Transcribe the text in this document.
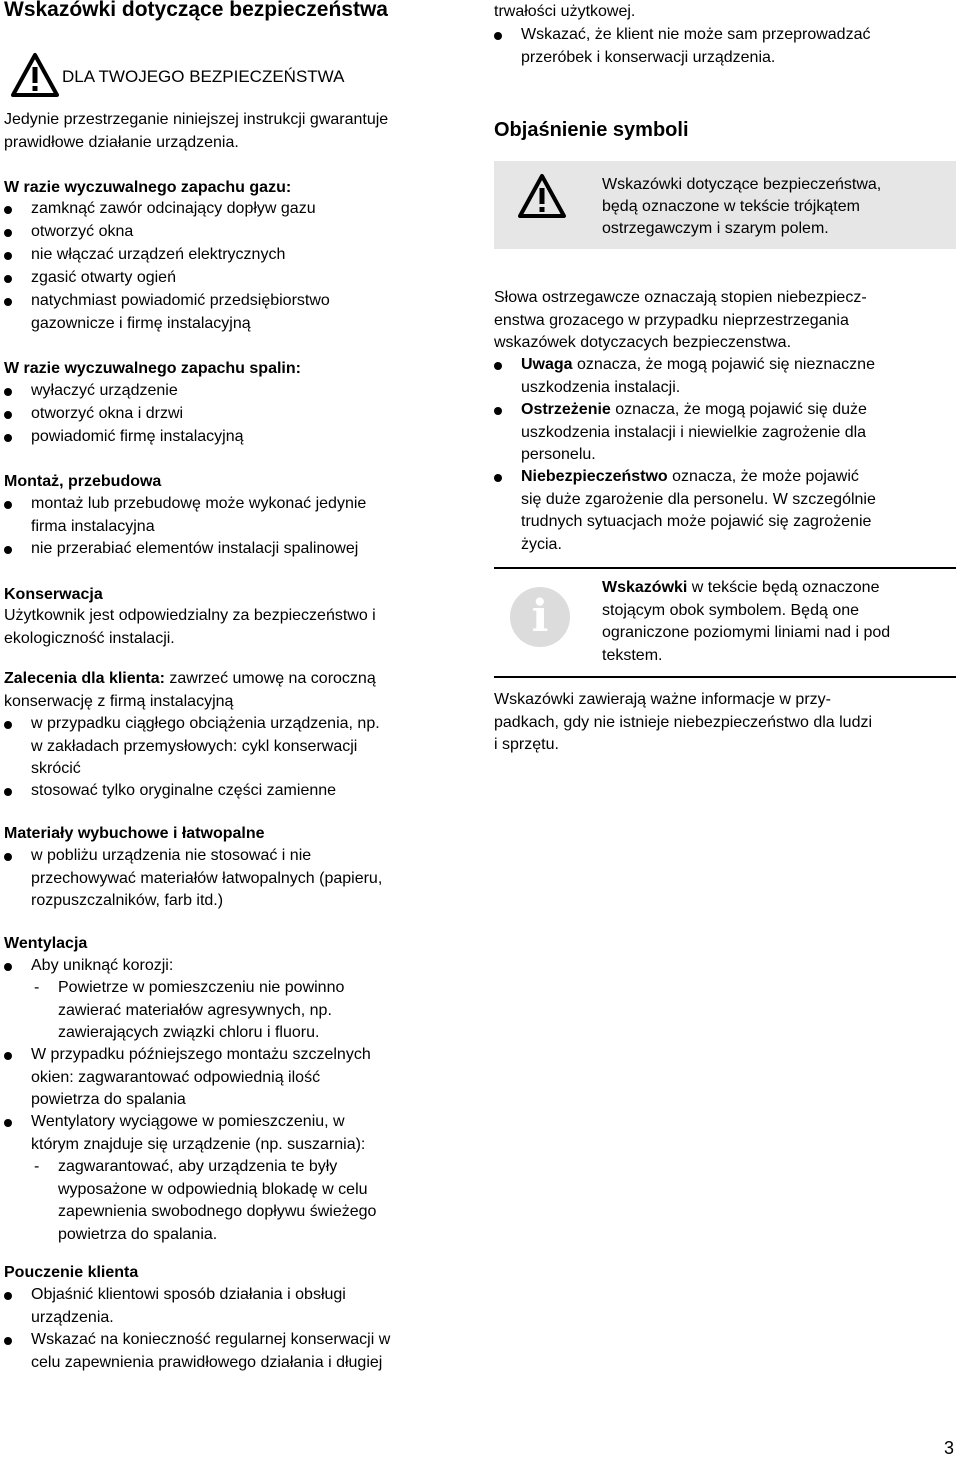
Wskazówki dotyczące bezpieczeństwa
DLA TWOJEGO BEZPIECZEŃSTWA
Jedynie przestrzeganie niniejszej instrukcji gwarantuje
prawidłowe działanie urządzenia.
W razie wyczuwalnego zapachu gazu:
zamknąć zawór odcinający dopływ gazu
otworzyć okna
nie włączać urządzeń elektrycznych
zgasić otwarty ogień
natychmiast powiadomić przedsiębiorstwo
gazownicze i firmę instalacyjną
W razie wyczuwalnego zapachu spalin:
wyłaczyć urządzenie
otworzyć okna i drzwi
powiadomić firmę instalacyjną
Montaż, przebudowa
montaż lub przebudowę może wykonać jedynie
firma instalacyjna
nie przerabiać elementów instalacji spalinowej
Konserwacja
Użytkownik jest odpowiedzialny za bezpieczeństwo i
ekologiczność instalacji.
Zalecenia dla klienta: zawrzeć umowę na coroczną
konserwację z firmą instalacyjną
w przypadku ciągłego obciążenia urządzenia, np.
w zakładach przemysłowych: cykl konserwacji
skrócić
stosować tylko oryginalne części zamienne
Materiały wybuchowe i łatwopalne
w pobliżu urządzenia nie stosować i nie
przechowywać materiałów łatwopalnych (papieru,
rozpuszczalników, farb itd.)
Wentylacja
Aby uniknąć korozji:
- Powietrze w pomieszczeniu nie powinno
zawierać materiałów agresywnych, np.
zawierających związki chloru i fluoru.
W przypadku późniejszego montażu szczelnych
okien: zagwarantować odpowiednią ilość
powietrza do spalania
Wentylatory wyciągowe w pomieszczeniu, w
którym znajduje się urządzenie (np. suszarnia):
- zagwarantować, aby urządzenia te były
wyposażone w odpowiednią blokadę w celu
zapewnienia swobodnego dopływu świeżego
powietrza do spalania.
Pouczenie klienta
Objaśnić klientowi sposób działania i obsługi
urządzenia.
Wskazać na konieczność regularnej konserwacji w
celu zapewnienia prawidłowego działania i długiej
trwałości użytkowej.
Wskazać, że klient nie może sam przeprowadzać
przeróbek i konserwacji urządzenia.
Objaśnienie symboli
Wskazówki dotyczące bezpieczeństwa,
będą oznaczone w tekście trójkątem
ostrzegawczym i szarym polem.
Słowa ostrzegawcze oznaczają stopien niebezpiecz-
enstwa grozacego w przypadku nieprzestrzegania
wskazówek dotyczacych bezpieczenstwa.
Uwaga oznacza, że mogą pojawić się nieznaczne
uszkodzenia instalacji.
Ostrzeżenie oznacza, że mogą pojawić się duże
uszkodzenia instalacji i niewielkie zagrożenie dla
personelu.
Niebezpieczeństwo oznacza, że może pojawić
się duże zgarożenie dla personelu. W szczególnie
trudnych sytuacjach może pojawić się zagrożenie
życia.
i
Wskazówki w tekście będą oznaczone
stojącym obok symbolem. Będą one
ograniczone poziomymi liniami nad i pod
tekstem.
Wskazówki zawierają ważne informacje w przy-
padkach, gdy nie istnieje niebezpieczeństwo dla ludzi
i sprzętu.
3
